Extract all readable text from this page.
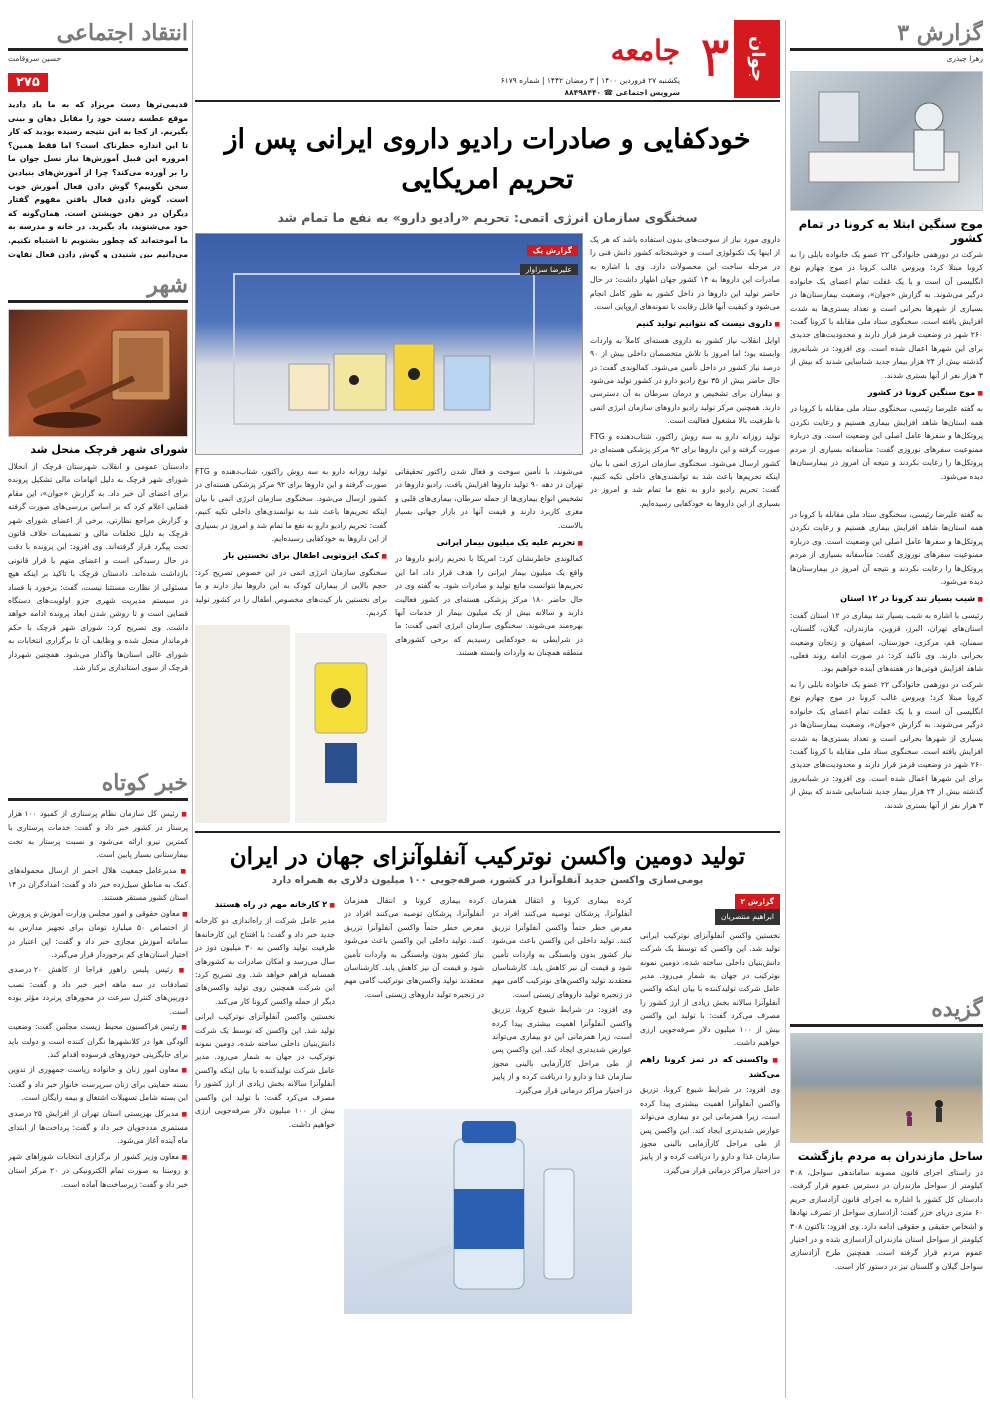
انتقاد اجتماعی
حسین سروقامت
۲۷۵
قدیمی‌ترها دست مریزاد که به ما یاد دادید موقع عطسه دست خود را مقابل دهان و بینی بگیریم. از کجا به این نتیجه رسیده بودید که کار تا این اندازه خطرناک است؟ اما فقط همین؟ امروزه این قبیل آموزش‌ها نیاز نسل جوان ما را بر آورده می‌کند؟ چرا از آموزش‌های بنیادین سخن نگوییم؟ گوش دادن فعال آموزش خوب است. گوش دادن فعال یافتن مفهوم گفتار دیگران در ذهن خویشتن است. همان‌گونه که خود می‌شنوید، یاد بگیرید. در خانه و مدرسه به ما آموخته‌اند که چطور بشنویم تا اشتباه نکنیم. می‌دانیم بین شنیدن و گوش دادن فعال تفاوت
شهر
شورای شهر قرچک منحل شد
دادستان عمومی و انقلاب شهرستان قرچک از انحلال شورای شهر قرچک به دلیل اتهامات مالی تشکیل پرونده برای اعضای آن خبر داد. به گزارش «جوان»، این مقام قضایی اعلام کرد که بر اساس بررسی‌های صورت گرفته و گزارش مراجع نظارتی، برخی از اعضای شورای شهر قرچک به دلیل تخلفات مالی و تصمیمات خلاف قانون تحت پیگرد قرار گرفته‌اند. وی افزود: این پرونده با دقت در حال رسیدگی است و اعضای متهم با قرار قانونی بازداشت شده‌اند. دادستان قرچک با تاکید بر اینکه هیچ مسئولی از نظارت مستثنا نیست، گفت: برخورد با فساد در سیستم مدیریت شهری جزو اولویت‌های دستگاه قضایی است و تا روشن شدن ابعاد پرونده ادامه خواهد داشت. وی تصریح کرد: شورای شهر قرچک با حکم فرماندار منحل شده و وظایف آن تا برگزاری انتخابات به شورای عالی استان‌ها واگذار می‌شود. همچنین شهردار قرچک از سوی استانداری برکنار شد.
خبر کوتاه

■ رئیس کل سازمان نظام پرستاری از کمبود ۱۰۰ هزار پرستار در کشور خبر داد و گفت: خدمات پرستاری با کمترین نیرو ارائه می‌شود و نسبت پرستار به تخت بیمارستانی بسیار پایین است.

■ مدیرعامل جمعیت هلال احمر از ارسال محموله‌های کمک به مناطق سیل‌زده خبر داد و گفت: امدادگران در ۱۴ استان کشور مستقر هستند.

■ معاون حقوقی و امور مجلس وزارت آموزش و پرورش از اختصاص ۵۰ میلیارد تومان برای تجهیز مدارس به سامانه آموزش مجازی خبر داد و گفت: این اعتبار در اختیار استان‌های کم برخوردار قرار می‌گیرد.

■ رئیس پلیس راهور فراجا از کاهش ۲۰ درصدی تصادفات در سه ماهه اخیر خبر داد و گفت: نصب دوربین‌های کنترل سرعت در محورهای پرتردد مؤثر بوده است.

■ رئیس فراکسیون محیط زیست مجلس گفت: وضعیت آلودگی هوا در کلانشهرها نگران کننده است و دولت باید برای جایگزینی خودروهای فرسوده اقدام کند.

■ معاون امور زنان و خانواده ریاست جمهوری از تدوین بسته حمایتی برای زنان سرپرست خانوار خبر داد و گفت: این بسته شامل تسهیلات اشتغال و بیمه رایگان است.

■ مدیرکل بهزیستی استان تهران از افزایش ۲۵ درصدی مستمری مددجویان خبر داد و گفت: پرداخت‌ها از ابتدای ماه آینده آغاز می‌شود.

■ معاون وزیر کشور از برگزاری انتخابات شوراهای شهر و روستا به صورت تمام الکترونیکی در ۲۰ مرکز استان خبر داد و گفت: زیرساخت‌ها آماده است.

جوان
۳
جامعه
یکشنبه ۲۷ فروردین ۱۴۰۰ | ۳ رمضان ۱۴۴۲ | شماره ۶۱۷۹
سرویس اجتماعی ☎ ۸۸۴۹۸۴۴۰
خودکفایی و صادرات رادیو داروی ایرانی پس از تحریم امریکایی
سخنگوی سازمان انرژی اتمی: تحریم «رادیو دارو» به نفع ما تمام شد

داروی مورد نیاز از سوخت‌های بدون استفاده باشد که هر یک از اینها یک تکنولوژی است و خوشبختانه کشور دانش فنی را در مرحله ساخت این محصولات دارد. وی با اشاره به صادرات این داروها به ۱۴ کشور جهان اظهار داشت: در حال حاضر تولید این داروها در داخل کشور به طور کامل انجام می‌شود و کیفیت آنها قابل رقابت با نمونه‌های اروپایی است.

■ داروی نیست که نتوانیم تولید کنیم

اوایل انقلاب نیاز کشور به داروی هسته‌ای کاملاً به واردات وابسته بود؛ اما امروز با تلاش متخصصان داخلی بیش از ۹۰ درصد نیاز کشور در داخل تأمین می‌شود. کمالوندی گفت: در حال حاضر بیش از ۳۵ نوع رادیو دارو در کشور تولید می‌شود و بیماران برای تشخیص و درمان سرطان به آن دسترسی دارند. همچنین مرکز تولید رادیو داروهای سازمان انرژی اتمی با ظرفیت بالا مشغول فعالیت است.

تولید روزانه دارو به سه روش راکتور، شتاب‌دهنده و FTG صورت گرفته و این داروها برای ۹۲ مرکز پزشکی هسته‌ای در کشور ارسال می‌شود. سخنگوی سازمان انرژی اتمی با بیان اینکه تحریم‌ها باعث شد به توانمندی‌های داخلی تکیه کنیم، گفت: تحریم رادیو دارو به نفع ما تمام شد و امروز در بسیاری از این داروها به خودکفایی رسیده‌ایم.

گزارش یک
علیرضا سزاوار

می‌شوند، با تأمین سوخت و فعال شدن راکتور تحقیقاتی تهران در دهه ۹۰ تولید داروها افزایش یافت. رادیو داروها در تشخیص انواع بیماری‌ها از جمله سرطان، بیماری‌های قلبی و مغزی کاربرد دارند و قیمت آنها در بازار جهانی بسیار بالاست.

■ تحریم علیه یک میلیون بیمار ایرانی

کمالوندی خاطرنشان کرد: امریکا با تحریم رادیو داروها در واقع یک میلیون بیمار ایرانی را هدف قرار داد، اما این تحریم‌ها نتوانست مانع تولید و صادرات شود. به گفته وی در حال حاضر ۱۸۰ مرکز پزشکی هسته‌ای در کشور فعالیت دارند و سالانه بیش از یک میلیون بیمار از خدمات آنها بهره‌مند می‌شوند. سخنگوی سازمان انرژی اتمی گفت: ما در شرایطی به خودکفایی رسیدیم که برخی کشورهای منطقه همچنان به واردات وابسته هستند.

تولید روزانه دارو به سه روش راکتور، شتاب‌دهنده و FTG صورت گرفته و این داروها برای ۹۲ مرکز پزشکی هسته‌ای در کشور ارسال می‌شود. سخنگوی سازمان انرژی اتمی با بیان اینکه تحریم‌ها باعث شد به توانمندی‌های داخلی تکیه کنیم، گفت: تحریم رادیو دارو به نفع ما تمام شد و امروز در بسیاری از این داروها به خودکفایی رسیده‌ایم.

■ کمک ایزوتوپی اطفال برای نخستین بار

سخنگوی سازمان انرژی اتمی در این خصوص تصریح کرد: حجم بالایی از بیماران کودک به این داروها نیاز دارند و ما برای نخستین بار کیت‌های مخصوص اطفال را در کشور تولید کردیم.

تولید دومین واکسن نوترکیب آنفلوآنزای جهان در ایران
بومی‌سازی واکسن جدید آنفلوآنزا در کشور، صرفه‌جویی ۱۰۰ میلیون دلاری به همراه دارد
گزارش ۲
ابراهیم منتصریان

نخستین واکسن آنفلوآنزای نوترکیب ایرانی تولید شد. این واکسن که توسط یک شرکت دانش‌بنیان داخلی ساخته شده، دومین نمونه نوترکیب در جهان به شمار می‌رود. مدیر عامل شرکت تولیدکننده با بیان اینکه واکسن آنفلوآنزا سالانه بخش زیادی از ارز کشور را مصرف می‌کرد گفت: با تولید این واکسن بیش از ۱۰۰ میلیون دلار صرفه‌جویی ارزی خواهیم داشت.

■ واکسنی که در تمز کرونا راهم می‌کشد

وی افزود: در شرایط شیوع کرونا، تزریق واکسن آنفلوآنزا اهمیت بیشتری پیدا کرده است، زیرا همزمانی این دو بیماری می‌تواند عوارض شدیدتری ایجاد کند. این واکسن پس از طی مراحل کارآزمایی بالینی مجوز سازمان غذا و دارو را دریافت کرده و از پاییز در اختیار مراکز درمانی قرار می‌گیرد.

کرده بیماری کرونا و انتقال همزمان آنفلوآنزا، پزشکان توصیه می‌کنند افراد در معرض خطر حتماً واکسن آنفلوآنزا تزریق کنند. تولید داخلی این واکسن باعث می‌شود نیاز کشور بدون وابستگی به واردات تأمین شود و قیمت آن نیز کاهش یابد. کارشناسان معتقدند تولید واکسن‌های نوترکیب گامی مهم در زنجیره تولید داروهای زیستی است.

وی افزود: در شرایط شیوع کرونا، تزریق واکسن آنفلوآنزا اهمیت بیشتری پیدا کرده است، زیرا همزمانی این دو بیماری می‌تواند عوارض شدیدتری ایجاد کند. این واکسن پس از طی مراحل کارآزمایی بالینی مجوز سازمان غذا و دارو را دریافت کرده و از پاییز در اختیار مراکز درمانی قرار می‌گیرد.

کرده بیماری کرونا و انتقال همزمان آنفلوآنزا، پزشکان توصیه می‌کنند افراد در معرض خطر حتماً واکسن آنفلوآنزا تزریق کنند. تولید داخلی این واکسن باعث می‌شود نیاز کشور بدون وابستگی به واردات تأمین شود و قیمت آن نیز کاهش یابد. کارشناسان معتقدند تولید واکسن‌های نوترکیب گامی مهم در زنجیره تولید داروهای زیستی است.

■ ۲ کارخانه مهم در راه هستند

مدیر عامل شرکت از راه‌اندازی دو کارخانه جدید خبر داد و گفت: با افتتاح این کارخانه‌ها ظرفیت تولید واکسن به ۳۰ میلیون دوز در سال می‌رسد و امکان صادرات به کشورهای همسایه فراهم خواهد شد. وی تصریح کرد: این شرکت همچنین روی تولید واکسن‌های دیگر از جمله واکسن کرونا کار می‌کند.

نخستین واکسن آنفلوآنزای نوترکیب ایرانی تولید شد. این واکسن که توسط یک شرکت دانش‌بنیان داخلی ساخته شده، دومین نمونه نوترکیب در جهان به شمار می‌رود. مدیر عامل شرکت تولیدکننده با بیان اینکه واکسن آنفلوآنزا سالانه بخش زیادی از ارز کشور را مصرف می‌کرد گفت: با تولید این واکسن بیش از ۱۰۰ میلیون دلار صرفه‌جویی ارزی خواهیم داشت.

گزارش ۳
زهرا چیذری
موج سنگین ابتلا به کرونا در تمام کشور

شرکت در دورهمی خانوادگی ۲۲ عضو یک خانواده بابلی را به کرونا مبتلا کرد؛ ویروس غالب کرونا در موج چهارم نوع انگلیسی آن است و با یک غفلت تمام اعضای یک خانواده درگیر می‌شوند. به گزارش «جوان»، وضعیت بیمارستان‌ها در بسیاری از شهرها بحرانی است و تعداد بستری‌ها به شدت افزایش یافته است. سخنگوی ستاد ملی مقابله با کرونا گفت: ۲۶۰ شهر در وضعیت قرمز قرار دارند و محدودیت‌های جدیدی برای این شهرها اعمال شده است. وی افزود: در شبانه‌روز گذشته بیش از ۲۴ هزار بیمار جدید شناسایی شدند که بیش از ۳ هزار نفر از آنها بستری شدند.

■ موج سنگین کرونا در کشور

به گفته علیرضا رئیسی، سخنگوی ستاد ملی مقابله با کرونا در همه استان‌ها شاهد افزایش بیماری هستیم و رعایت نکردن پروتکل‌ها و سفرها عامل اصلی این وضعیت است. وی درباره ممنوعیت سفرهای نوروزی گفت: متأسفانه بسیاری از مردم پروتکل‌ها را رعایت نکردند و نتیجه آن امروز در بیمارستان‌ها دیده می‌شود.

به گفته علیرضا رئیسی، سخنگوی ستاد ملی مقابله با کرونا در همه استان‌ها شاهد افزایش بیماری هستیم و رعایت نکردن پروتکل‌ها و سفرها عامل اصلی این وضعیت است. وی درباره ممنوعیت سفرهای نوروزی گفت: متأسفانه بسیاری از مردم پروتکل‌ها را رعایت نکردند و نتیجه آن امروز در بیمارستان‌ها دیده می‌شود.

■ شیب بسیار تند کرونا در ۱۲ استان

رئیسی با اشاره به شیب بسیار تند بیماری در ۱۲ استان گفت: استان‌های تهران، البرز، قزوین، مازندران، گیلان، گلستان، سمنان، قم، مرکزی، خوزستان، اصفهان و زنجان وضعیت بحرانی دارند. وی تاکید کرد: در صورت ادامه روند فعلی، شاهد افزایش فوتی‌ها در هفته‌های آینده خواهیم بود.

شرکت در دورهمی خانوادگی ۲۲ عضو یک خانواده بابلی را به کرونا مبتلا کرد؛ ویروس غالب کرونا در موج چهارم نوع انگلیسی آن است و با یک غفلت تمام اعضای یک خانواده درگیر می‌شوند. به گزارش «جوان»، وضعیت بیمارستان‌ها در بسیاری از شهرها بحرانی است و تعداد بستری‌ها به شدت افزایش یافته است. سخنگوی ستاد ملی مقابله با کرونا گفت: ۲۶۰ شهر در وضعیت قرمز قرار دارند و محدودیت‌های جدیدی برای این شهرها اعمال شده است. وی افزود: در شبانه‌روز گذشته بیش از ۲۴ هزار بیمار جدید شناسایی شدند که بیش از ۳ هزار نفر از آنها بستری شدند.

گزیده
ساحل مازندران به مردم بازگشت

در راستای اجرای قانون مصوبه ساماندهی سواحل، ۳۰۸ کیلومتر از سواحل مازندران در دسترس عموم قرار گرفت. دادستان کل کشور با اشاره به اجرای قانون آزادسازی حریم ۶۰ متری دریای خزر گفت: آزادسازی سواحل از تصرف نهادها و اشخاص حقیقی و حقوقی ادامه دارد. وی افزود: تاکنون ۳۰۸ کیلومتر از سواحل استان مازندران آزادسازی شده و در اختیار عموم مردم قرار گرفته است. همچنین طرح آزادسازی سواحل گیلان و گلستان نیز در دستور کار است.
